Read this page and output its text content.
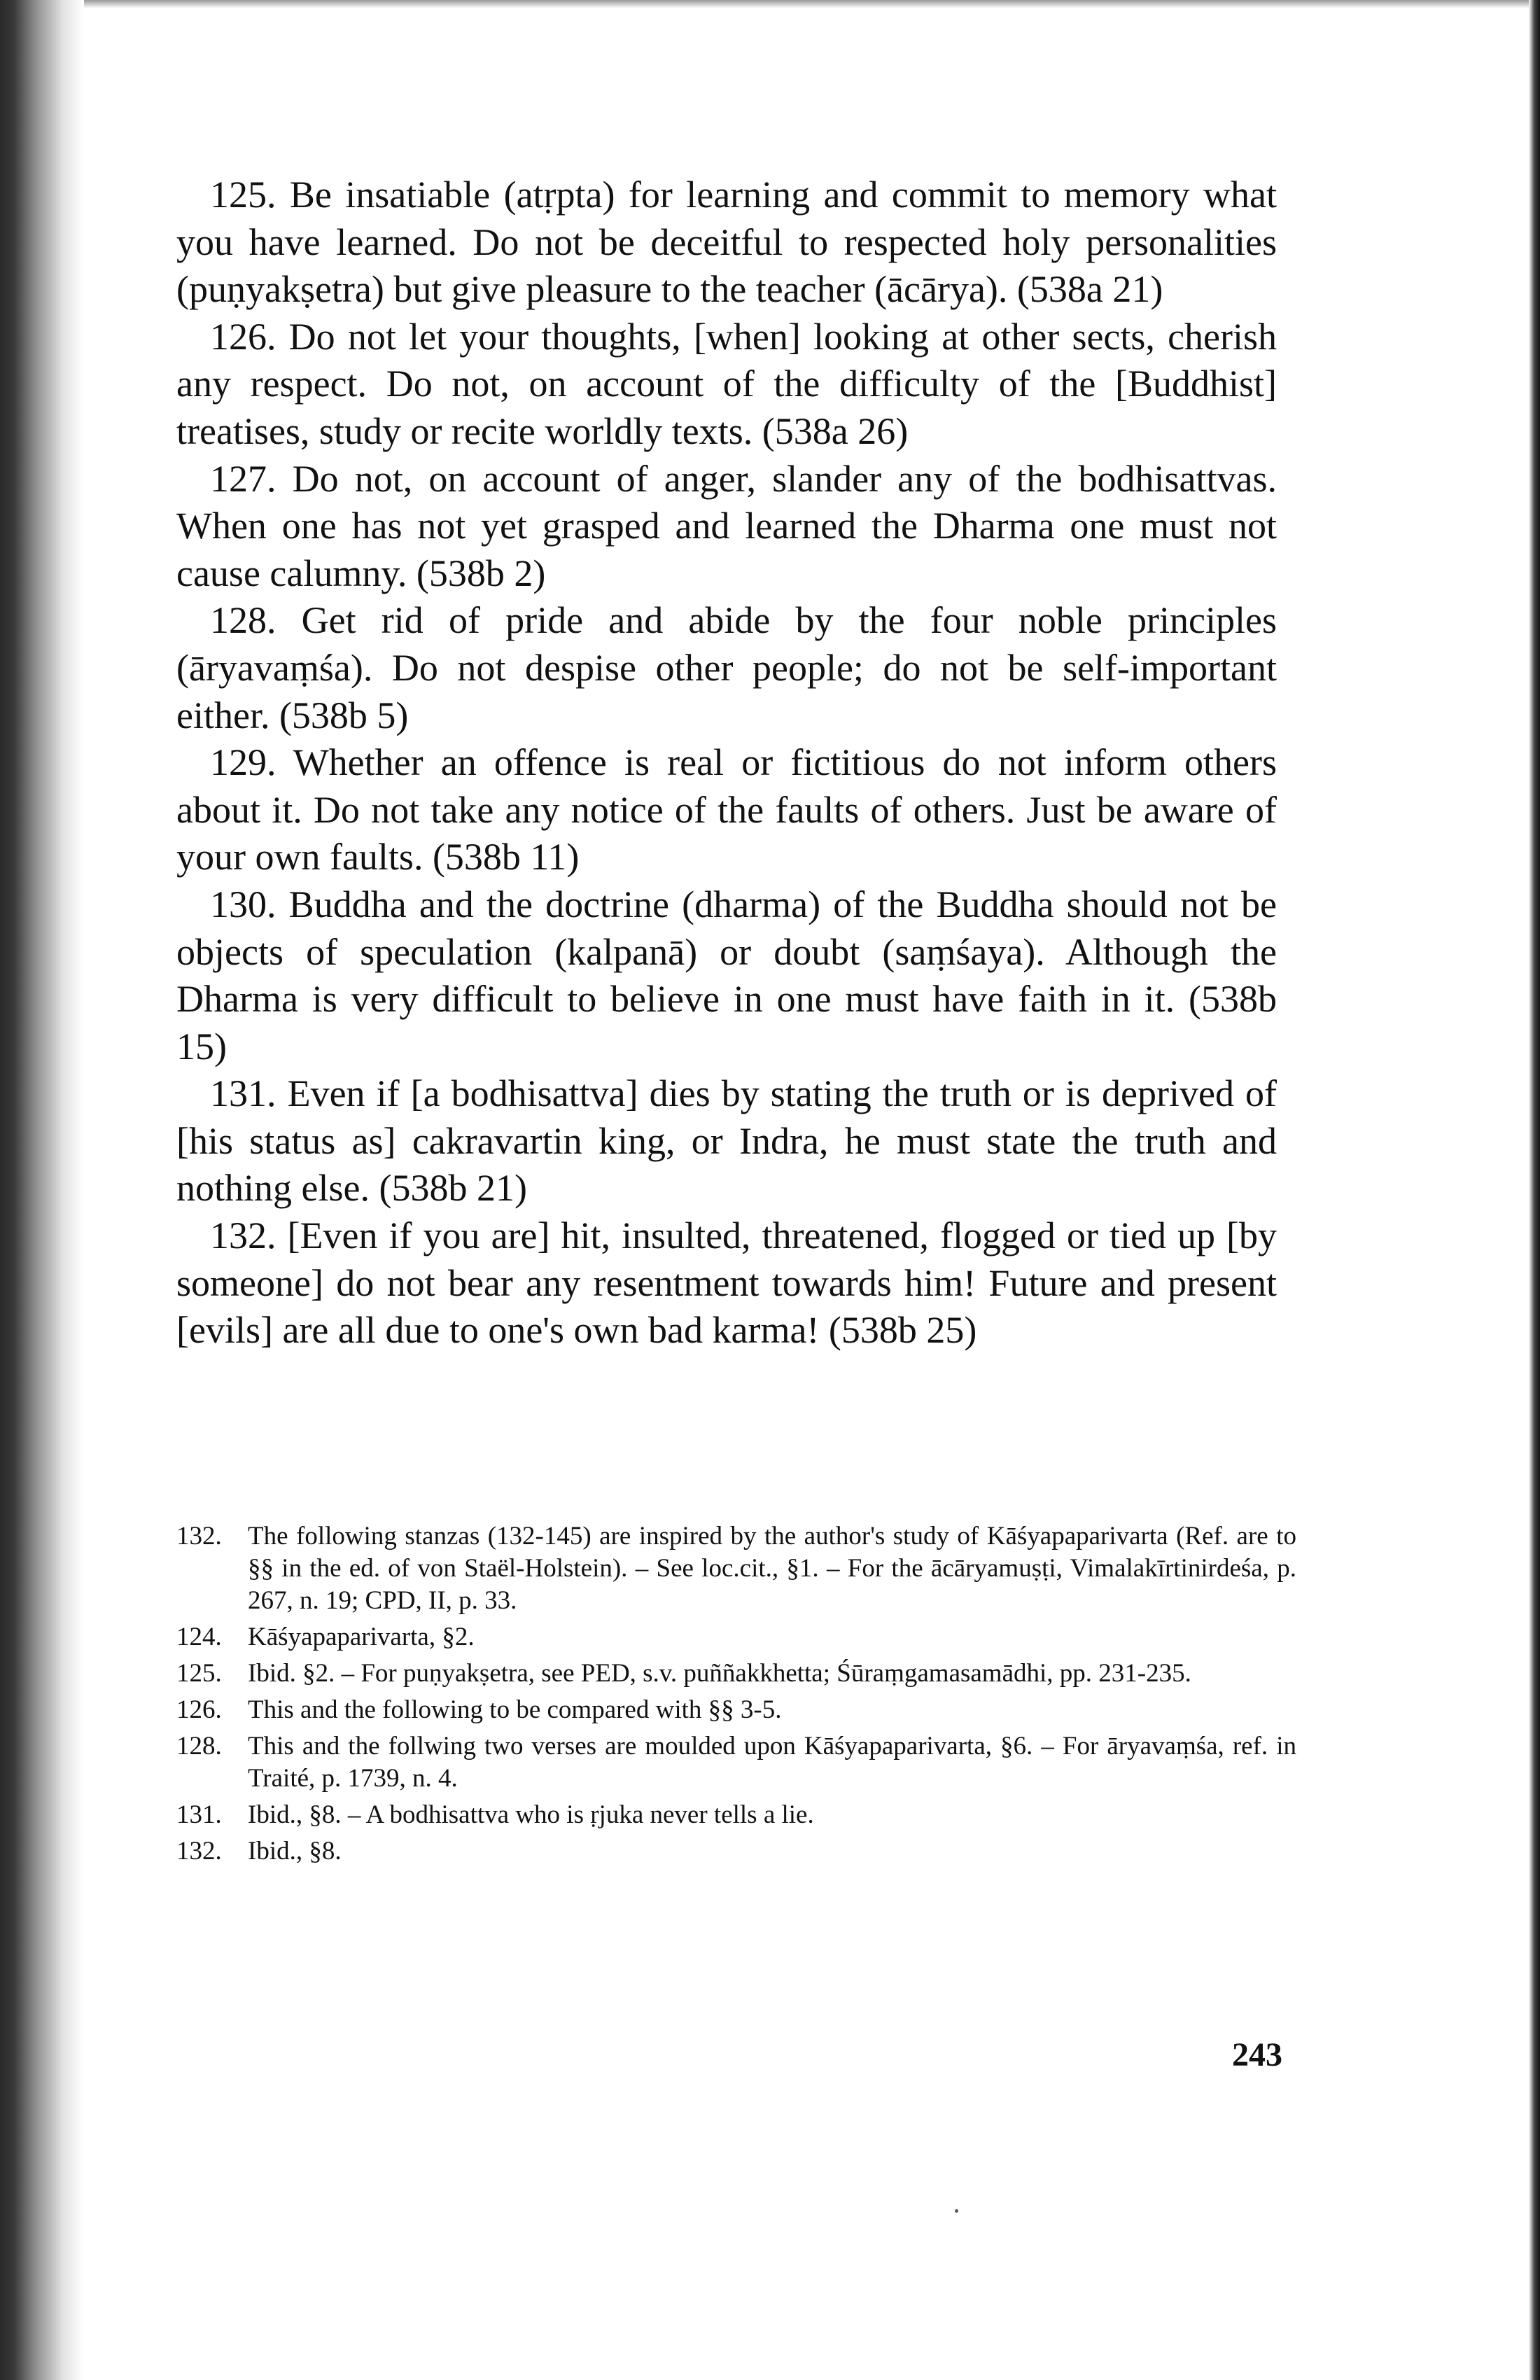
125. Be insatiable (atṛpta) for learning and commit to memory what you have learned. Do not be deceitful to respected holy personalities (puṇyakṣetra) but give pleasure to the teacher (ācārya). (538a 21)

126. Do not let your thoughts, [when] looking at other sects, cherish any respect. Do not, on account of the difficulty of the [Buddhist] treatises, study or recite worldly texts. (538a 26)

127. Do not, on account of anger, slander any of the bodhisattvas. When one has not yet grasped and learned the Dharma one must not cause calumny. (538b 2)

128. Get rid of pride and abide by the four noble principles (āryavaṃśa). Do not despise other people; do not be self-important either. (538b 5)

129. Whether an offence is real or fictitious do not inform others about it. Do not take any notice of the faults of others. Just be aware of your own faults. (538b 11)

130. Buddha and the doctrine (dharma) of the Buddha should not be objects of speculation (kalpanā) or doubt (saṃśaya). Although the Dharma is very difficult to believe in one must have faith in it. (538b 15)

131. Even if [a bodhisattva] dies by stating the truth or is deprived of [his status as] cakravartin king, or Indra, he must state the truth and nothing else. (538b 21)

132. [Even if you are] hit, insulted, threatened, flogged or tied up [by someone] do not bear any resentment towards him! Future and present [evils] are all due to one's own bad karma! (538b 25)

132. The following stanzas (132-145) are inspired by the author's study of Kāśyapaparivarta (Ref. are to §§ in the ed. of von Staël-Holstein). – See loc.cit., §1. – For the ācāryamuṣṭi, Vimalakīrtinirdeśa, p. 267, n. 19; CPD, II, p. 33.

124. Kāśyapaparivarta, §2.

125. Ibid. §2. – For puṇyakṣetra, see PED, s.v. puññakkhetta; Śūraṃgamasamādhi, pp. 231-235.

126. This and the following to be compared with §§ 3-5.

128. This and the follwing two verses are moulded upon Kāśyapaparivarta, §6. – For āryavaṃśa, ref. in Traité, p. 1739, n. 4.

131. Ibid., §8. – A bodhisattva who is ṛjuka never tells a lie.

132. Ibid., §8.

243
